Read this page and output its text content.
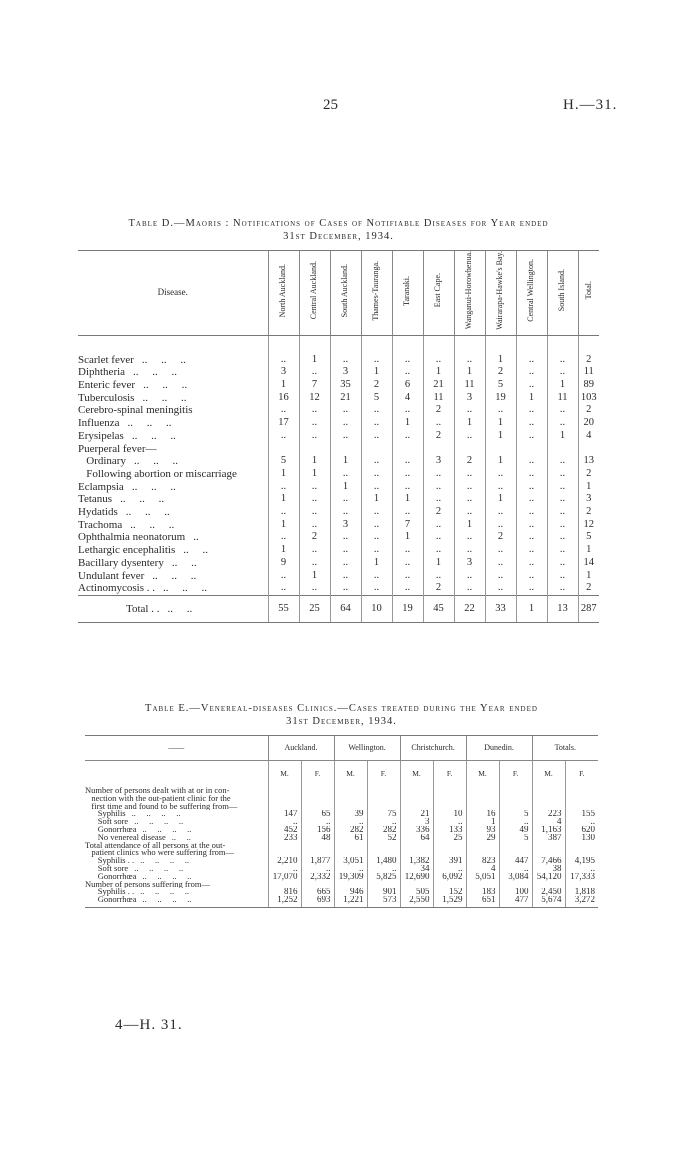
25	H.—31.
Table D.—Maoris : Notifications of Cases of Notifiable Diseases for Year ended
31st December, 1934.
Disease.	North Auckland.	Central Auckland.	South Auckland.	Thames-Tauranga.	Taranaki.	East Cape.	Wanganui-Horowhenua.	Wairarapa-Hawke's Bay.	Central Wellington.	South Island.	Total.

Scarlet fever ..     ..     ..	..	1	..	..	..	..	..	1	..	..	2
Diphtheria ..     ..     ..	3	..	3	1	..	1	1	2	..	..	11
Enteric fever ..     ..     ..	1	7	35	2	6	21	11	5	..	1	89
Tuberculosis ..     ..     ..	16	12	21	5	4	11	3	19	1	11	103
Cerebro-spinal meningitis	..	..	..	..	..	2	..	..	..	..	2
Influenza ..     ..     ..	17	..	..	..	1	..	1	1	..	..	20
Erysipelas ..     ..     ..	..	..	..	..	..	2	..	1	..	1	4
Puerperal fever—											
Ordinary ..     ..     ..	5	1	1	..	..	3	2	1	..	..	13
Following abortion or miscarriage	1	1	..	..	..	..	..	..	..	..	2
Eclampsia ..     ..     ..	..	..	1	..	..	..	..	..	..	..	1
Tetanus ..     ..     ..	1	..	..	1	1	..	..	1	..	..	3
Hydatids ..     ..     ..	..	..	..	..	..	2	..	..	..	..	2
Trachoma ..     ..     ..	1	..	3	..	7	..	1	..	..	..	12
Ophthalmia neonatorum ..	..	2	..	..	1	..	..	2	..	..	5
Lethargic encephalitis ..     ..	1	..	..	..	..	..	..	..	..	..	1
Bacillary dysentery ..     ..	9	..	..	1	..	1	3	..	..	..	14
Undulant fever ..     ..     ..	..	1	..	..	..	..	..	..	..	..	1
Actinomycosis . . ..     ..     ..	..	..	..	..	..	2	..	..	..	..	2
Total . . ..     ..	55	25	64	10	19	45	22	33	1	13	287
Table E.—Venereal-diseases Clinics.—Cases treated during the Year ended
31st December, 1934.
——	Auckland.		Wellington.		Christchurch.		Dunedin.		Totals.	
	M.	F.	M.	F.	M.	F.	M.	F.	M.	F.
Number of persons dealt with at or in con-										
nection with the out-patient clinic for the										
first time and found to be suffering from—										
Syphilis ..     ..     ..     ..	147	65	39	75	21	10	16	5	223	155
Soft sore ..     ..     ..     ..	..	..	..	..	3	..	1	..	4	..
Gonorrhœa ..     ..     ..     ..	452	156	282	282	336	133	93	49	1,163	620
No venereal disease ..     ..	233	48	61	52	64	25	29	5	387	130
Total attendance of all persons at the out-										
patient clinics who were suffering from—										
Syphilis . . ..     ..     ..     ..	2,210	1,877	3,051	1,480	1,382	391	823	447	7,466	4,195
Soft sore ..     ..     ..     ..	..	..	..	..	34	..	4	..	38	..
Gonorrhœa ..     ..     ..     ..	17,070	2,332	19,309	5,825	12,690	6,092	5,051	3,084	54,120	17,333
Number of persons suffering from—										
Syphilis . . ..     ..     ..     ..	816	665	946	901	505	152	183	100	2,450	1,818
Gonorrhœa ..     ..     ..     ..	1,252	693	1,221	573	2,550	1,529	651	477	5,674	3,272
4—H. 31.
